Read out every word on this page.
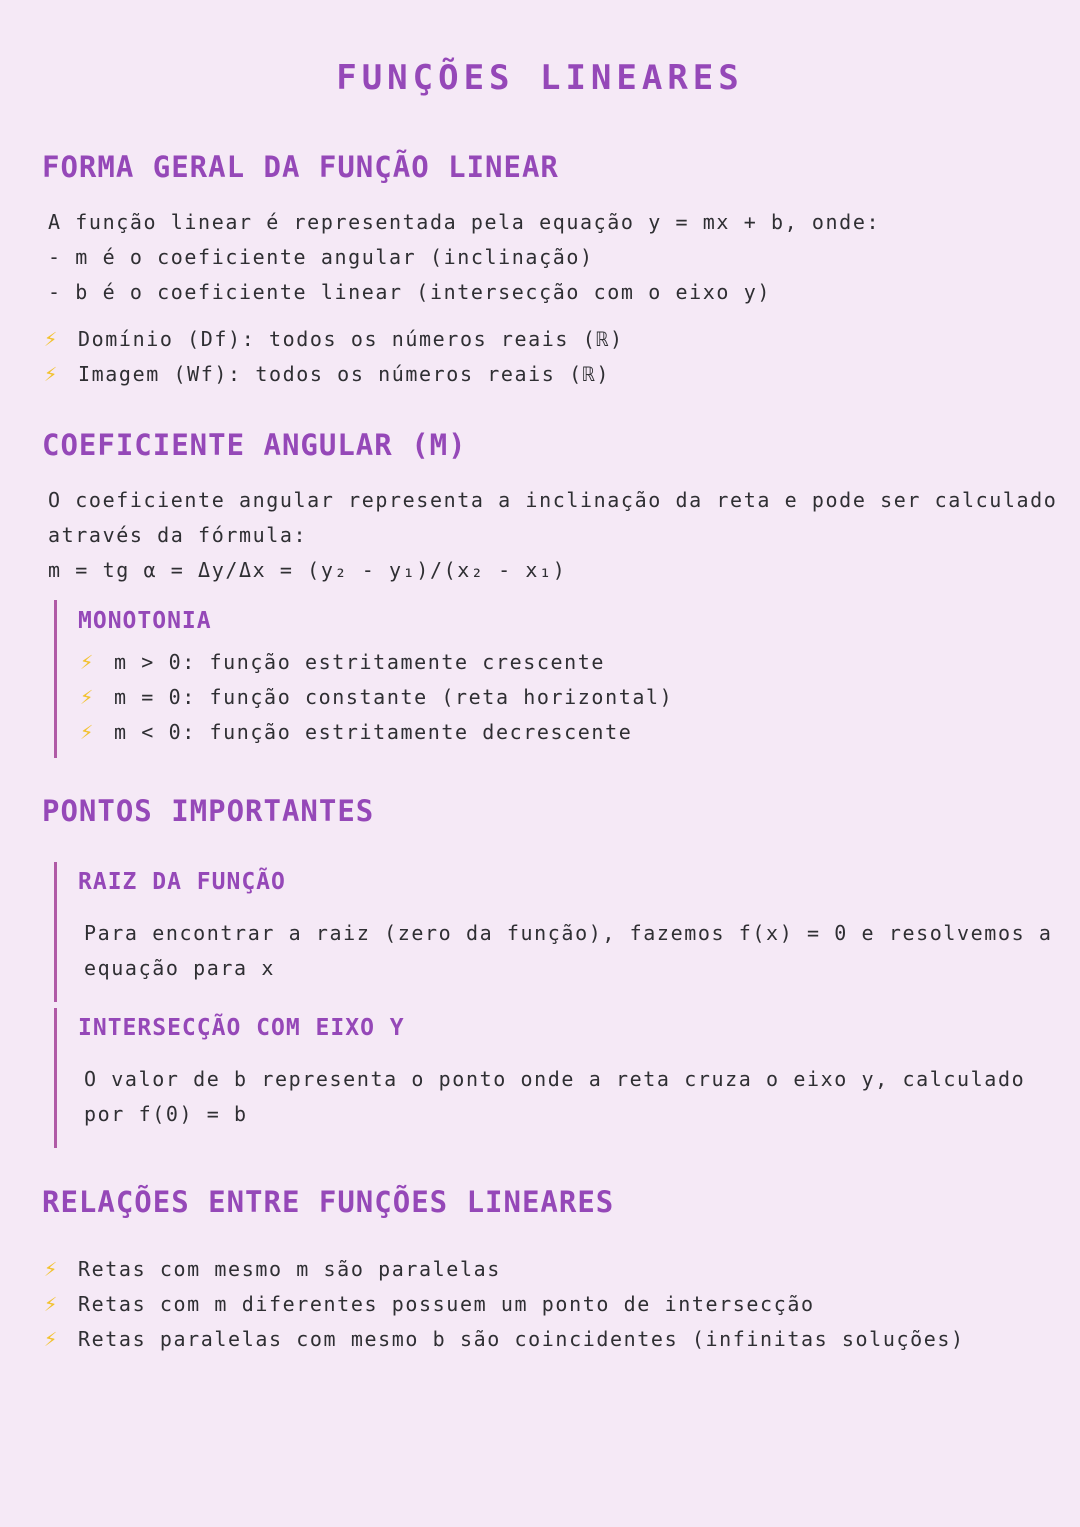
FUNÇÕES LINEARES
FORMA GERAL DA FUNÇÃO LINEAR
A função linear é representada pela equação y = mx + b, onde:
- m é o coeficiente angular (inclinação)
- b é o coeficiente linear (intersecção com o eixo y)
⚡ Domínio (Df): todos os números reais (ℝ)
⚡ Imagem (Wf): todos os números reais (ℝ)
COEFICIENTE ANGULAR (M)
O coeficiente angular representa a inclinação da reta e pode ser calculado
através da fórmula:
m = tg α = Δy/Δx = (y₂ - y₁)/(x₂ - x₁)
MONOTONIA
⚡ m > 0: função estritamente crescente
⚡ m = 0: função constante (reta horizontal)
⚡ m < 0: função estritamente decrescente
PONTOS IMPORTANTES
RAIZ DA FUNÇÃO
Para encontrar a raiz (zero da função), fazemos f(x) = 0 e resolvemos a
equação para x
INTERSECÇÃO COM EIXO Y
O valor de b representa o ponto onde a reta cruza o eixo y, calculado
por f(0) = b
RELAÇÕES ENTRE FUNÇÕES LINEARES
⚡ Retas com mesmo m são paralelas
⚡ Retas com m diferentes possuem um ponto de intersecção
⚡ Retas paralelas com mesmo b são coincidentes (infinitas soluções)
